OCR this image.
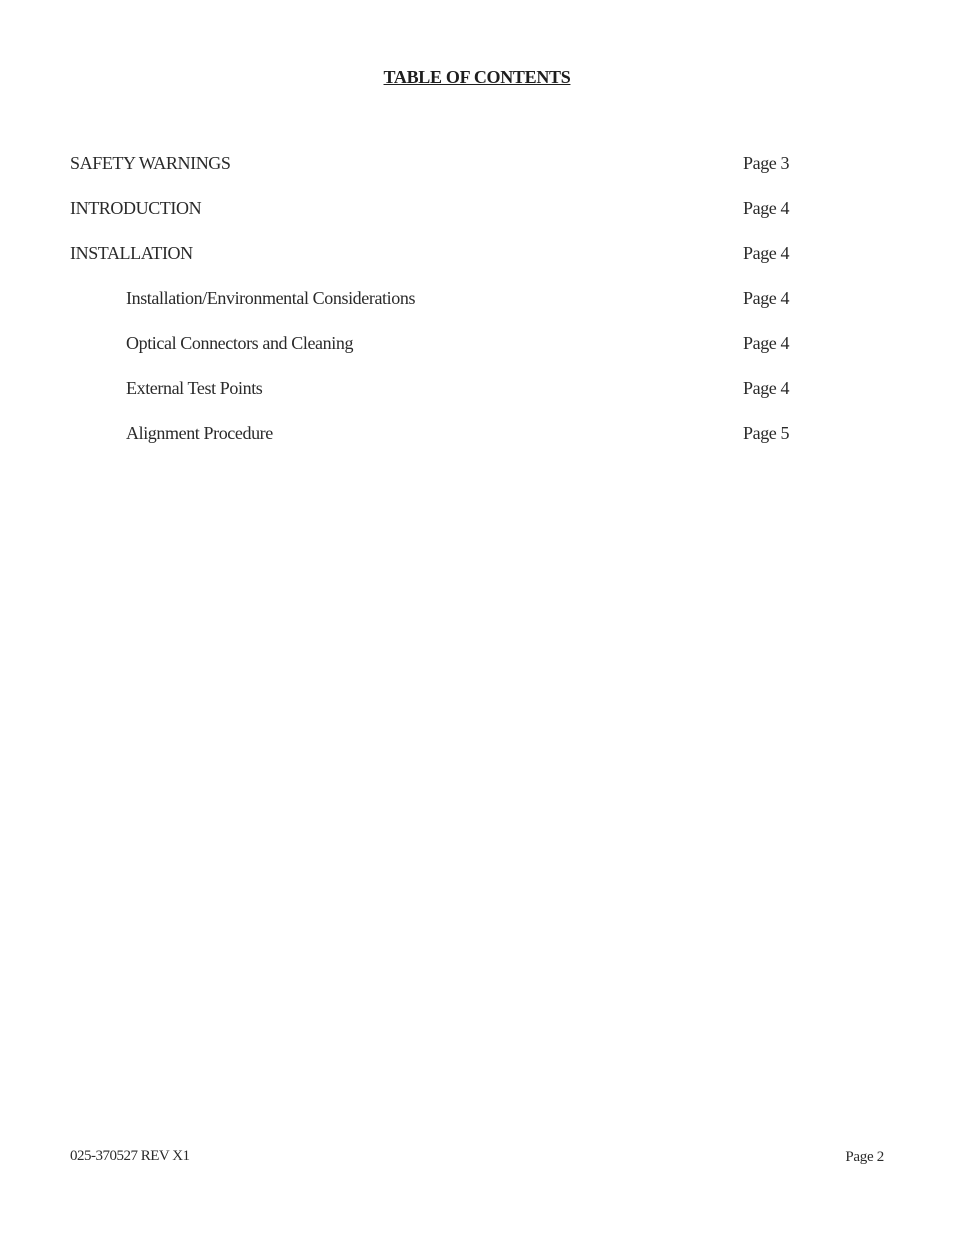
TABLE OF CONTENTS
SAFETY WARNINGS	Page 3
INTRODUCTION	Page 4
INSTALLATION	Page 4
Installation/Environmental Considerations	Page 4
Optical Connectors and Cleaning	Page 4
External Test Points	Page 4
Alignment Procedure	Page 5
025-370527 REV X1	Page 2
